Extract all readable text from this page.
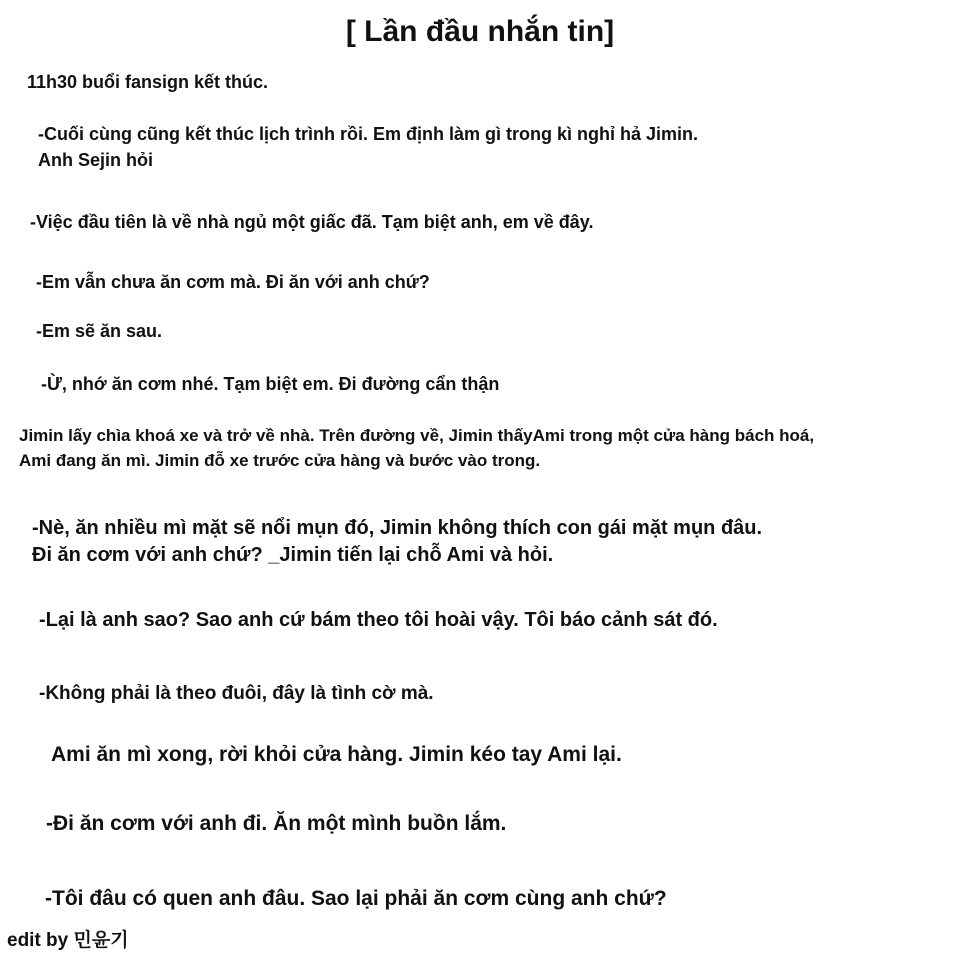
[ Lần đầu nhắn tin]
11h30 buổi fansign kết thúc.
-Cuối cùng cũng kết thúc lịch trình rồi. Em định làm gì trong kì nghỉ hả Jimin.
Anh Sejin hỏi
-Việc đầu tiên là về nhà ngủ một giấc đã. Tạm biệt anh, em về đây.
-Em vẫn chưa ăn cơm mà. Đi ăn với anh chứ?
-Em sẽ ăn sau.
-Ừ, nhớ ăn cơm nhé. Tạm biệt em. Đi đường cẩn thận
Jimin lấy chìa khoá xe và trở về nhà. Trên đường về, Jimin thấyAmi trong một cửa hàng bách hoá,
Ami đang ăn mì. Jimin đỗ xe trước cửa hàng và bước vào trong.
-Nè, ăn nhiều mì mặt sẽ nổi mụn đó, Jimin không thích con gái mặt mụn đâu.
Đi ăn cơm với anh chứ? _Jimin tiến lại chỗ Ami và hỏi.
-Lại là anh sao? Sao anh cứ bám theo tôi hoài vậy. Tôi báo cảnh sát đó.
-Không phải là theo đuôi, đây là tình cờ mà.
Ami ăn mì xong, rời khỏi cửa hàng. Jimin kéo tay Ami lại.
-Đi ăn cơm với anh đi. Ăn một mình buồn lắm.
-Tôi đâu có quen anh đâu. Sao lại phải ăn cơm cùng anh chứ?
edit by 민윤기
